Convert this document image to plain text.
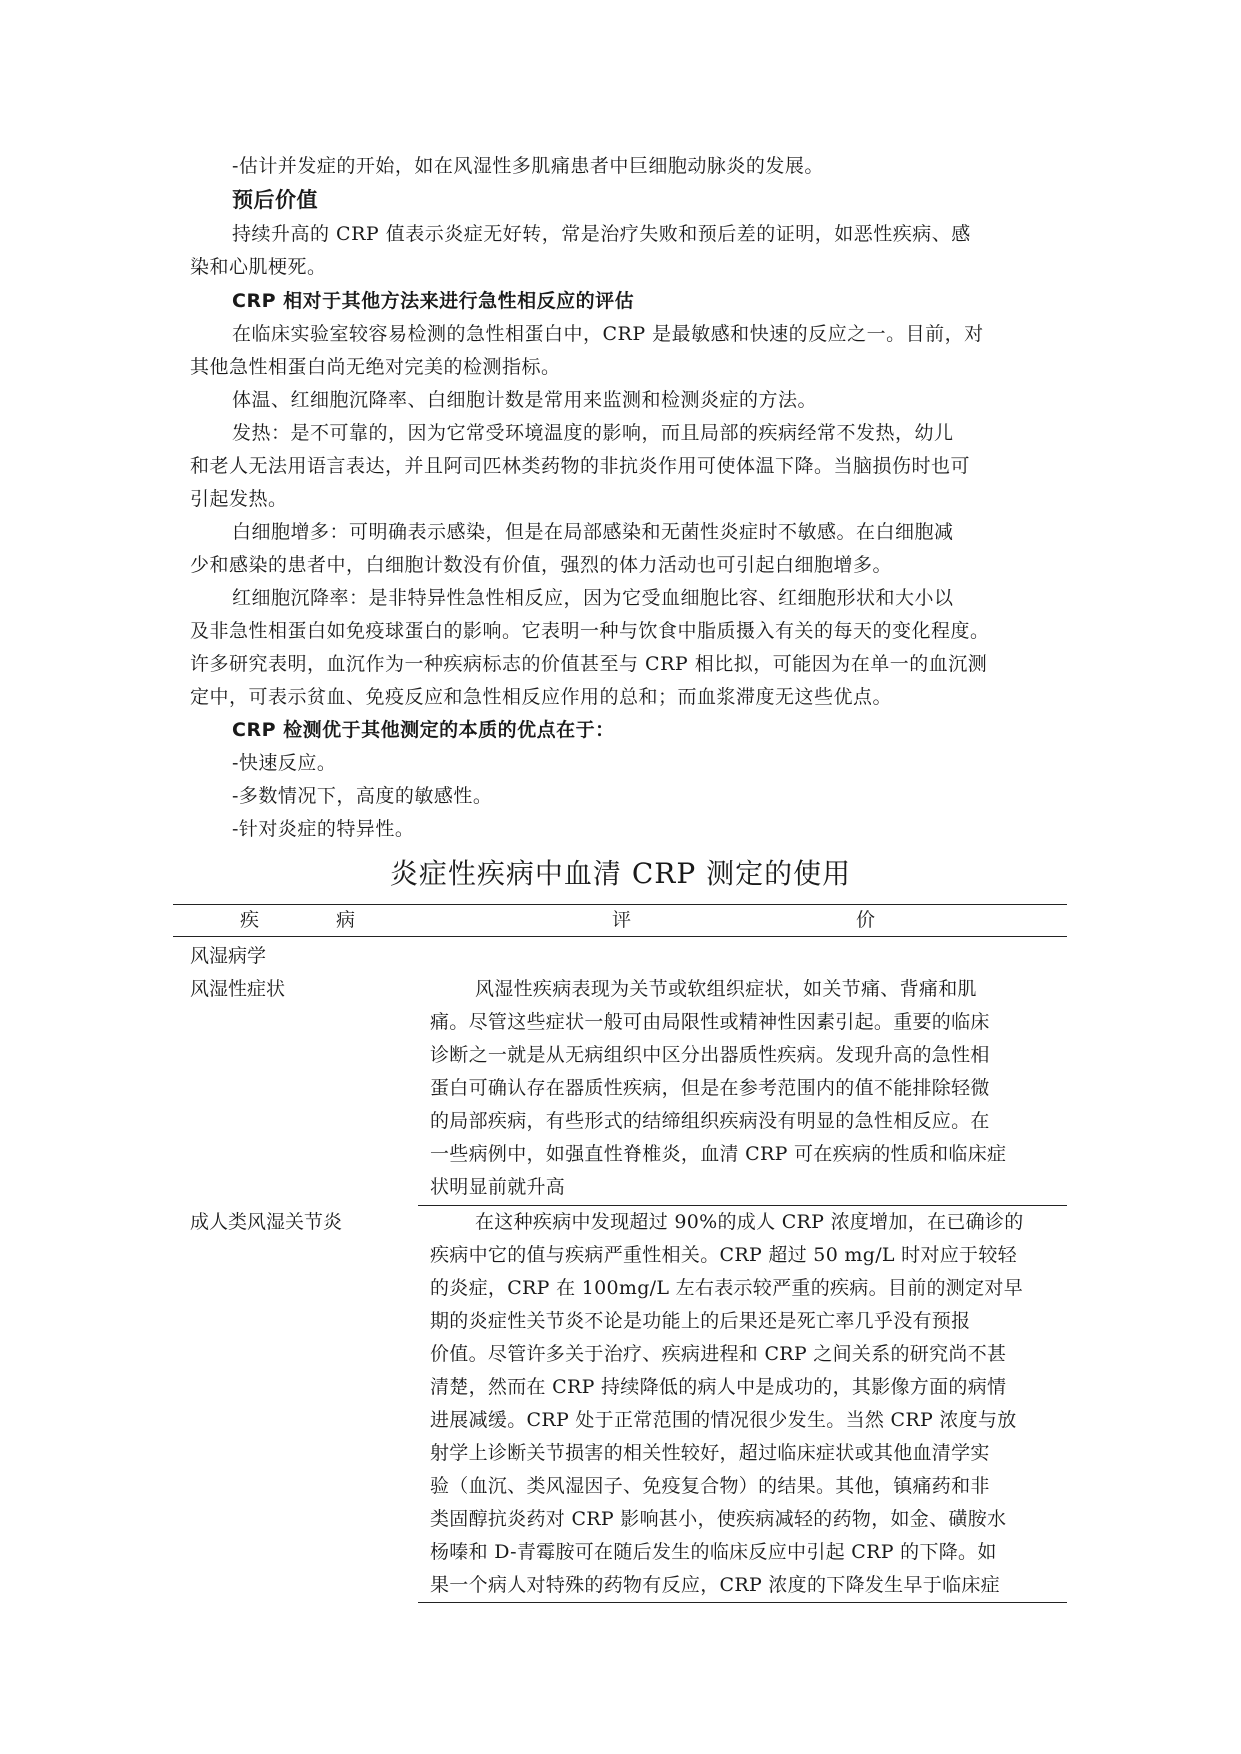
-估计并发症的开始，如在风湿性多肌痛患者中巨细胞动脉炎的发展。
预后价值
持续升高的 CRP 值表示炎症无好转，常是治疗失败和预后差的证明，如恶性疾病、感
染和心肌梗死。
CRP 相对于其他方法来进行急性相反应的评估
在临床实验室较容易检测的急性相蛋白中，CRP 是最敏感和快速的反应之一。目前，对
其他急性相蛋白尚无绝对完美的检测指标。
体温、红细胞沉降率、白细胞计数是常用来监测和检测炎症的方法。
发热：是不可靠的，因为它常受环境温度的影响，而且局部的疾病经常不发热，幼儿
和老人无法用语言表达，并且阿司匹林类药物的非抗炎作用可使体温下降。当脑损伤时也可
引起发热。
白细胞增多：可明确表示感染，但是在局部感染和无菌性炎症时不敏感。在白细胞减
少和感染的患者中，白细胞计数没有价值，强烈的体力活动也可引起白细胞增多。
红细胞沉降率：是非特异性急性相反应，因为它受血细胞比容、红细胞形状和大小以
及非急性相蛋白如免疫球蛋白的影响。它表明一种与饮食中脂质摄入有关的每天的变化程度。
许多研究表明，血沉作为一种疾病标志的价值甚至与 CRP 相比拟，可能因为在单一的血沉测
定中，可表示贫血、免疫反应和急性相反应作用的总和；而血浆滞度无这些优点。
CRP 检测优于其他测定的本质的优点在于：
-快速反应。
-多数情况下，高度的敏感性。
-针对炎症的特异性。
炎症性疾病中血清 CRP 测定的使用
疾	病	评	价
风湿病学
风湿性症状	风湿性疾病表现为关节或软组织症状，如关节痛、背痛和肌
痛。尽管这些症状一般可由局限性或精神性因素引起。重要的临床
诊断之一就是从无病组织中区分出器质性疾病。发现升高的急性相
蛋白可确认存在器质性疾病，但是在参考范围内的值不能排除轻微
的局部疾病，有些形式的结缔组织疾病没有明显的急性相反应。在
一些病例中，如强直性脊椎炎，血清 CRP 可在疾病的性质和临床症
状明显前就升高
成人类风湿关节炎	在这种疾病中发现超过 90%的成人 CRP 浓度增加，在已确诊的
疾病中它的值与疾病严重性相关。CRP 超过 50 mg/L 时对应于较轻
的炎症，CRP 在 100mg/L 左右表示较严重的疾病。目前的测定对早
期的炎症性关节炎不论是功能上的后果还是死亡率几乎没有预报
价值。尽管许多关于治疗、疾病进程和 CRP 之间关系的研究尚不甚
清楚，然而在 CRP 持续降低的病人中是成功的，其影像方面的病情
进展减缓。CRP 处于正常范围的情况很少发生。当然 CRP 浓度与放
射学上诊断关节损害的相关性较好，超过临床症状或其他血清学实
验（血沉、类风湿因子、免疫复合物）的结果。其他，镇痛药和非
类固醇抗炎药对 CRP 影响甚小，使疾病减轻的药物，如金、磺胺水
杨嗪和 D-青霉胺可在随后发生的临床反应中引起 CRP 的下降。如
果一个病人对特殊的药物有反应，CRP 浓度的下降发生早于临床症
